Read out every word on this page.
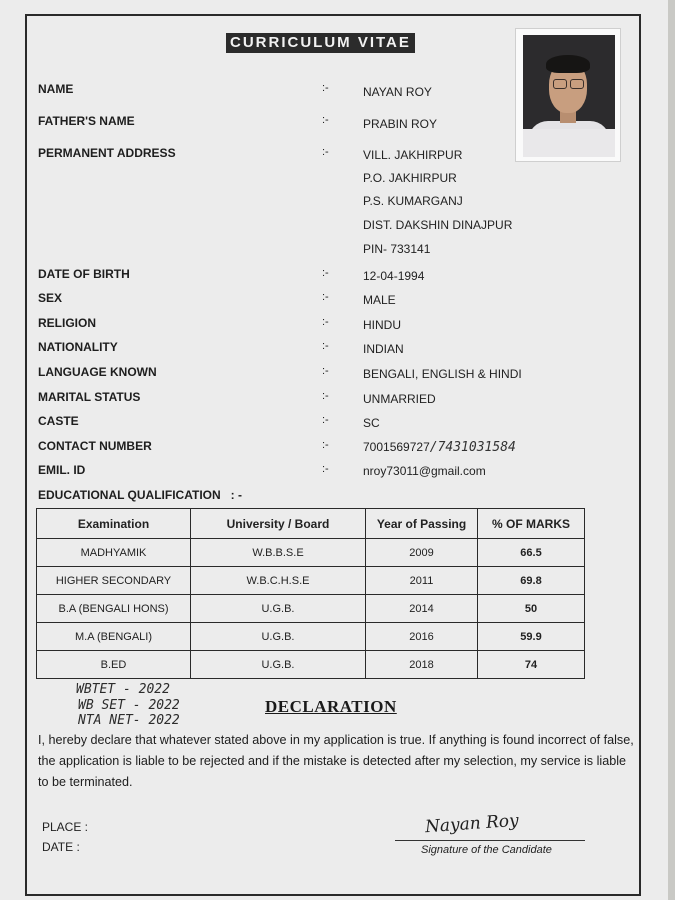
CURRICULUM VITAE
NAME	:-	NAYAN ROY
FATHER'S NAME	:-	PRABIN ROY
PERMANENT ADDRESS	:-	VILL. JAKHIRPUR
P.O. JAKHIRPUR
P.S. KUMARGANJ
DIST. DAKSHIN DINAJPUR
PIN- 733141
DATE OF BIRTH	:-	12-04-1994
SEX	:-	MALE
RELIGION	:-	HINDU
NATIONALITY	:-	INDIAN
LANGUAGE KNOWN	:-	BENGALI, ENGLISH & HINDI
MARITAL STATUS	:-	UNMARRIED
CASTE	:-	SC
CONTACT NUMBER	:-	7001569727/7431031584
EMIL. ID	:-	nroy73011@gmail.com
EDUCATIONAL QUALIFICATION : -
Examination	University / Board	Year of Passing	% OF MARKS
MADHYAMIK	W.B.B.S.E	2009	66.5
HIGHER SECONDARY	W.B.C.H.S.E	2011	69.8
B.A (BENGALI HONS)	U.G.B.	2014	50
M.A (BENGALI)	U.G.B.	2016	59.9
B.ED	U.G.B.	2018	74
WBTET - 2022
WB SET - 2022
NTA NET- 2022
DECLARATION
I, hereby declare that whatever stated above in my application is true. If anything is found incorrect of false, the application is liable to be rejected and if the mistake is detected after my selection, my service is liable to be terminated.
PLACE :
DATE :
Nayan Roy
Signature of the Candidate
